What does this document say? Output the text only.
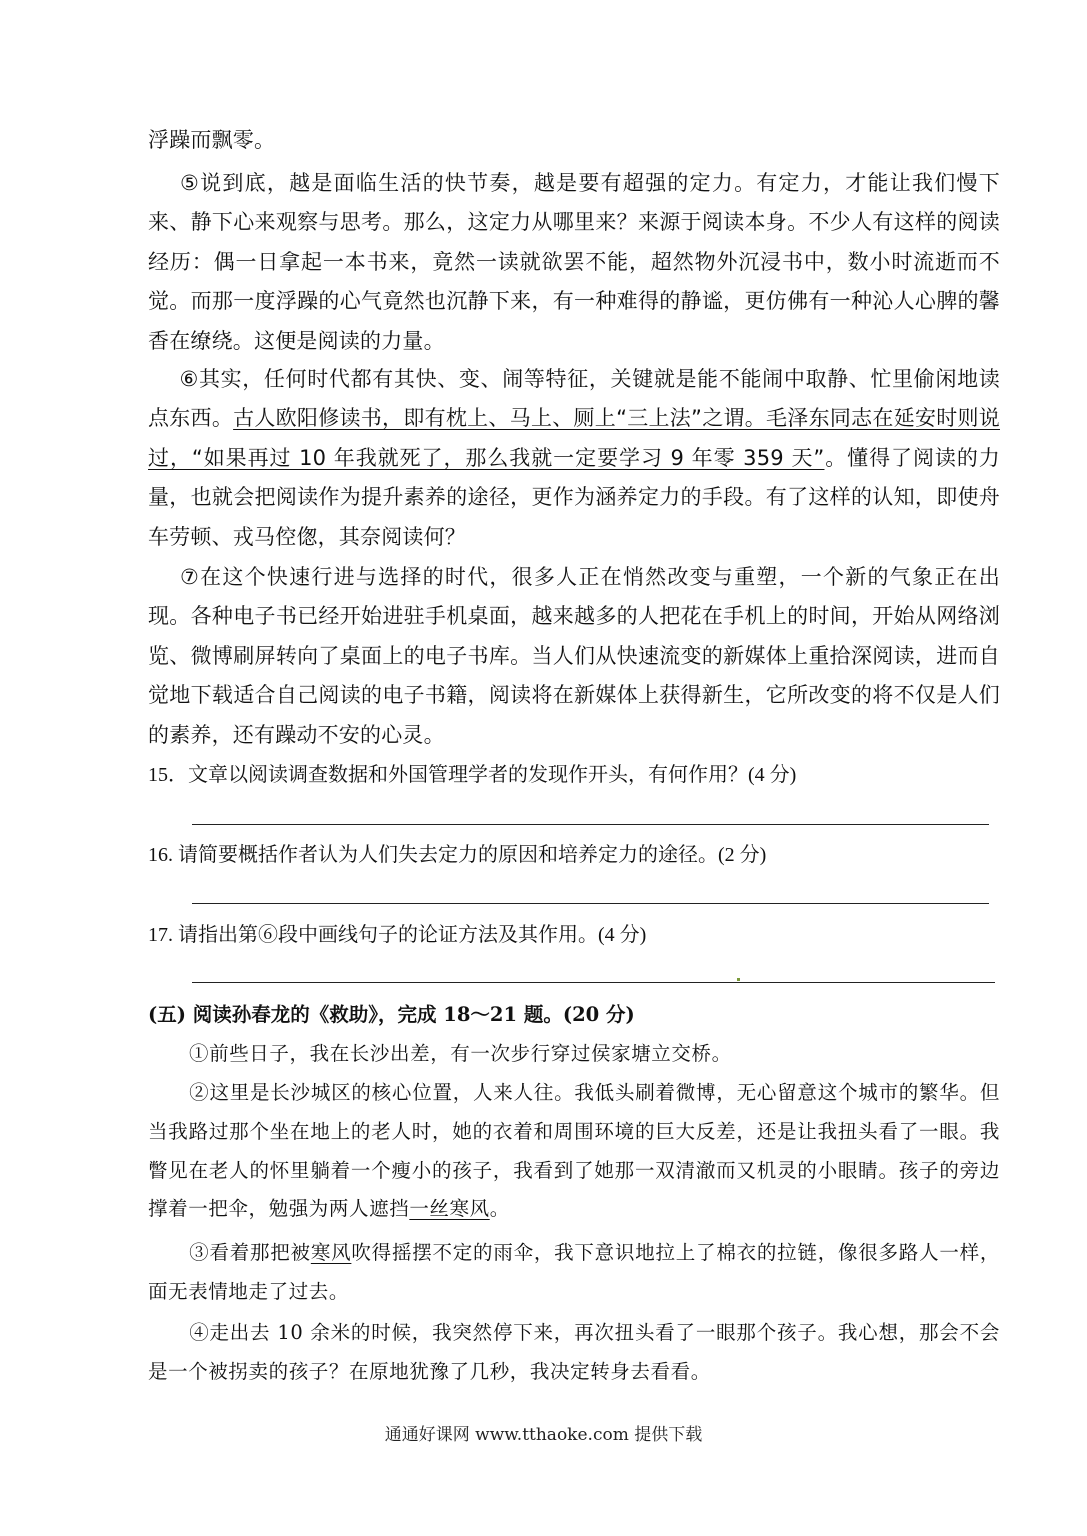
浮躁而飘零。

⑤说到底，越是面临生活的快节奏，越是要有超强的定力。有定力，才能让我们慢下来、静下心来观察与思考。那么，这定力从哪里来？来源于阅读本身。不少人有这样的阅读经历：偶一日拿起一本书来，竟然一读就欲罢不能，超然物外沉浸书中，数小时流逝而不觉。而那一度浮躁的心气竟然也沉静下来，有一种难得的静谧，更仿佛有一种沁人心脾的馨香在缭绕。这便是阅读的力量。

⑥其实，任何时代都有其快、变、闹等特征，关键就是能不能闹中取静、忙里偷闲地读点东西。古人欧阳修读书，即有枕上、马上、厕上“三上法”之谓。毛泽东同志在延安时则说过，“如果再过 10 年我就死了，那么我就一定要学习 9 年零 359 天”。懂得了阅读的力量，也就会把阅读作为提升素养的途径，更作为涵养定力的手段。有了这样的认知，即使舟车劳顿、戎马倥偬，其奈阅读何？

⑦在这个快速行进与选择的时代，很多人正在悄然改变与重塑，一个新的气象正在出现。各种电子书已经开始进驻手机桌面，越来越多的人把花在手机上的时间，开始从网络浏览、微博刷屏转向了桌面上的电子书库。当人们从快速流变的新媒体上重拾深阅读，进而自觉地下载适合自己阅读的电子书籍，阅读将在新媒体上获得新生，它所改变的将不仅是人们的素养，还有躁动不安的心灵。

15．文章以阅读调查数据和外国管理学者的发现作开头，有何作用？(4 分)

16. 请简要概括作者认为人们失去定力的原因和培养定力的途径。(2 分)

17. 请指出第⑥段中画线句子的论证方法及其作用。(4 分)

(五) 阅读孙春龙的《救助》，完成 18～21 题。(20 分)

①前些日子，我在长沙出差，有一次步行穿过侯家塘立交桥。

②这里是长沙城区的核心位置，人来人往。我低头刷着微博，无心留意这个城市的繁华。但当我路过那个坐在地上的老人时，她的衣着和周围环境的巨大反差，还是让我扭头看了一眼。我瞥见在老人的怀里躺着一个瘦小的孩子，我看到了她那一双清澈而又机灵的小眼睛。孩子的旁边撑着一把伞，勉强为两人遮挡一丝寒风。

③看着那把被寒风吹得摇摆不定的雨伞，我下意识地拉上了棉衣的拉链，像很多路人一样，面无表情地走了过去。

④走出去 10 余米的时候，我突然停下来，再次扭头看了一眼那个孩子。我心想，那会不会是一个被拐卖的孩子？在原地犹豫了几秒，我决定转身去看看。

通通好课网 www.tthaoke.com 提供下载
